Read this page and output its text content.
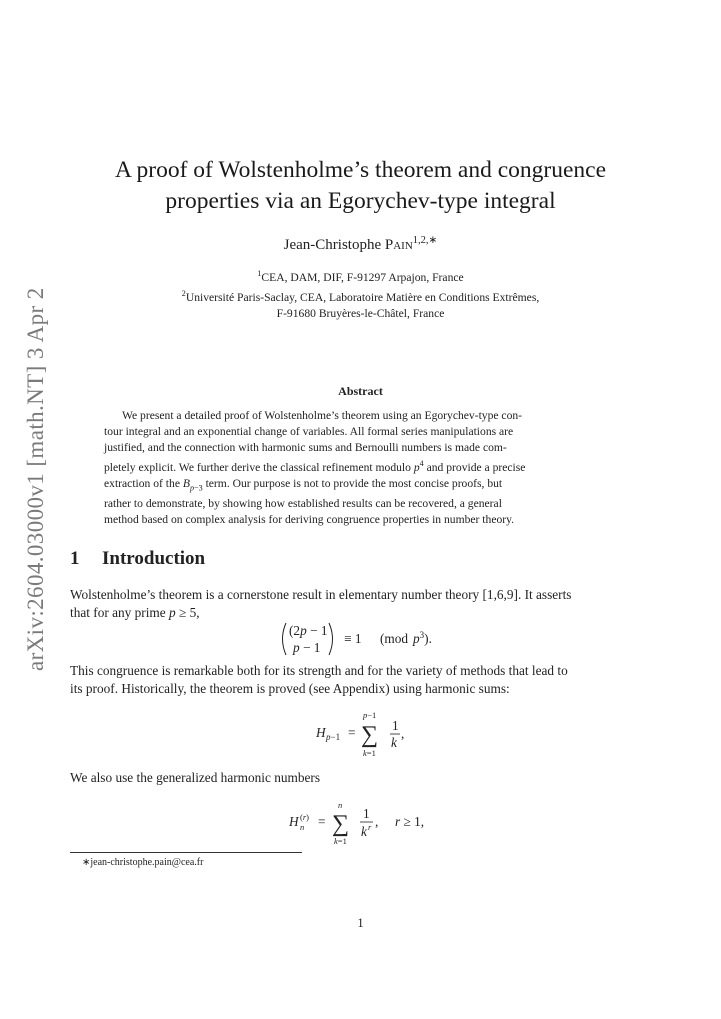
arXiv:2604.03000v1 [math.NT] 3 Apr 2026
A proof of Wolstenholme’s theorem and congruence
properties via an Egorychev-type integral
Jean-Christophe Pain$^{1,2,∗}$
$^1$CEA, DAM, DIF, F-91297 Arpajon, France
$^2$Université Paris-Saclay, CEA, Laboratoire Matière en Conditions Extrêmes,
F-91680 Bruyères-le-Châtel, France
Abstract
We present a detailed proof of Wolstenholme’s theorem using an Egorychev-type con-
tour integral and an exponential change of variables. All formal series manipulations are
justified, and the connection with harmonic sums and Bernoulli numbers is made com-
pletely explicit. We further derive the classical refinement modulo $p^4$ and provide a precise
extraction of the $B_{p-3}$ term. Our purpose is not to provide the most concise proofs, but
rather to demonstrate, by showing how established results can be recovered, a general
method based on complex analysis for deriving congruence properties in number theory.
1 Introduction
Wolstenholme’s theorem is a cornerstone result in elementary number theory [1,6,9]. It asserts
that for any prime p ≥ 5,
(2p − 1
p − 1
≡ 1 (mod $p^3$).
This congruence is remarkable both for its strength and for the variety of methods that lead to
its proof. Historically, the theorem is proved (see Appendix) using harmonic sums:
H p−1 =
p−1
∑
k=1
1
k
,
We also use the generalized harmonic numbers
H (r)
n =
n
∑
k=1
1
k r , r ≥ 1,
∗jean-christophe.pain@cea.fr
1
